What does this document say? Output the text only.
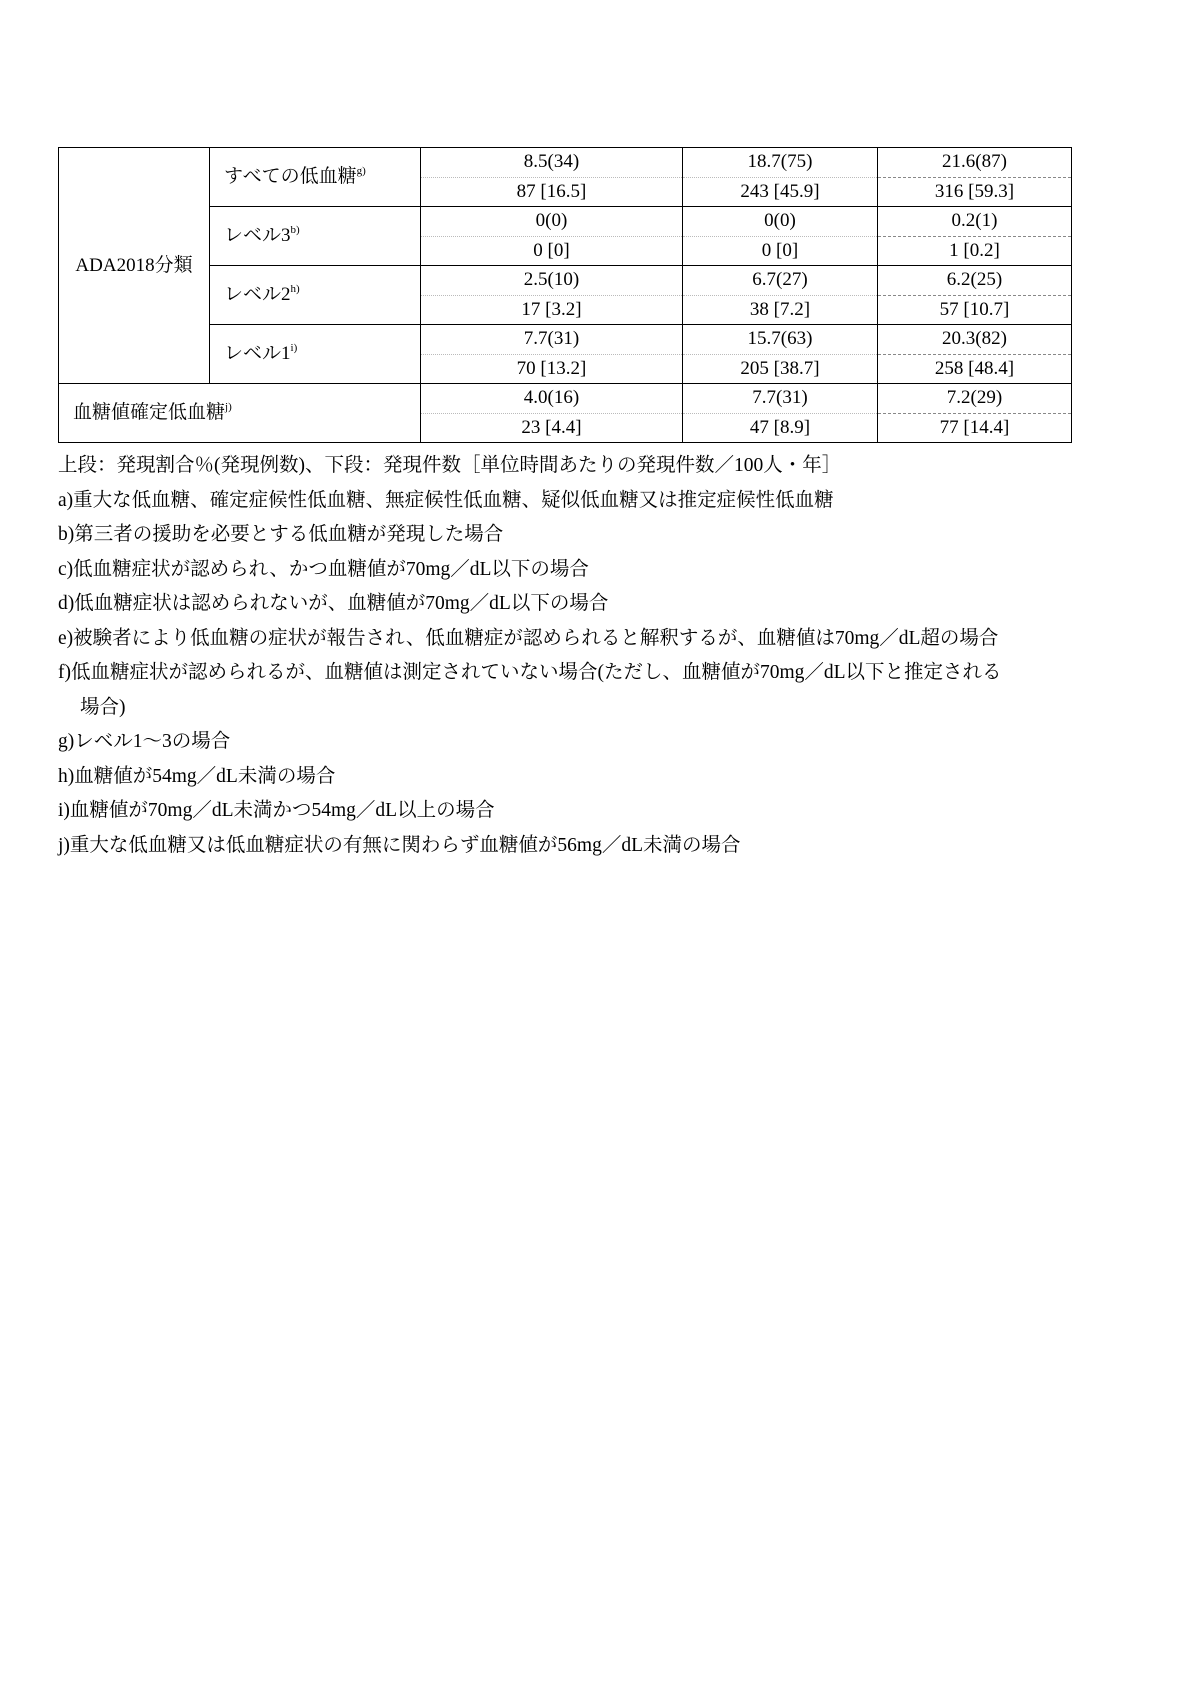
ADA2018分類	すべての低血糖$^{g)}$	8.5(34)	18.7(75)	21.6(87)
		87 [16.5]	243 [45.9]	316 [59.3]
	レベル3$^{b)}$	0(0)	0(0)	0.2(1)
		0 [0]	0 [0]	1 [0.2]
	レベル2$^{h)}$	2.5(10)	6.7(27)	6.2(25)
		17 [3.2]	38 [7.2]	57 [10.7]
	レベル1$^{i)}$	7.7(31)	15.7(63)	20.3(82)
		70 [13.2]	205 [38.7]	258 [48.4]
血糖値確定低血糖$^{j)}$		4.0(16)	7.7(31)	7.2(29)
		23 [4.4]	47 [8.9]	77 [14.4]
上段：発現割合％(発現例数)、下段：発現件数［単位時間あたりの発現件数／100人・年］
a)重大な低血糖、確定症候性低血糖、無症候性低血糖、疑似低血糖又は推定症候性低血糖
b)第三者の援助を必要とする低血糖が発現した場合
c)低血糖症状が認められ、かつ血糖値が70mg／dL以下の場合
d)低血糖症状は認められないが、血糖値が70mg／dL以下の場合
e)被験者により低血糖の症状が報告され、低血糖症が認められると解釈するが、血糖値は70mg／dL超の場合
f)低血糖症状が認められるが、血糖値は測定されていない場合(ただし、血糖値が70mg／dL以下と推定される
場合)
g)レベル1～3の場合
h)血糖値が54mg／dL未満の場合
i)血糖値が70mg／dL未満かつ54mg／dL以上の場合
j)重大な低血糖又は低血糖症状の有無に関わらず血糖値が56mg／dL未満の場合
